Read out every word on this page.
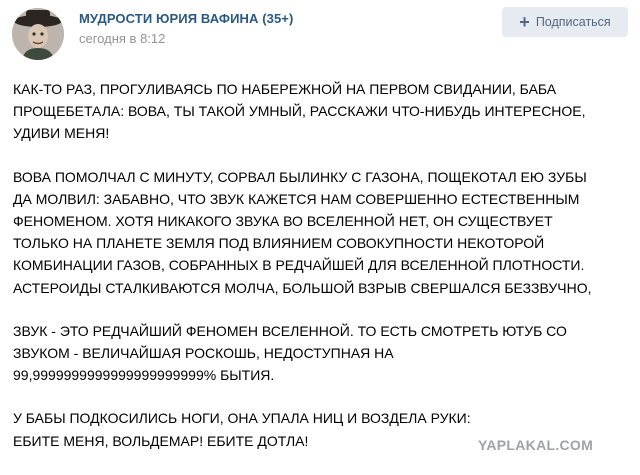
МУДРОСТИ ЮРИЯ ВАФИНА (35+)
сегодня в 8:12
+ Подписаться

КАК-ТО РАЗ, ПРОГУЛИВАЯСЬ ПО НАБЕРЕЖНОЙ НА ПЕРВОМ СВИДАНИИ, БАБА
ПРОЩЕБЕТАЛА: ВОВА, ТЫ ТАКОЙ УМНЫЙ, РАССКАЖИ ЧТО-НИБУДЬ ИНТЕРЕСНОЕ,
УДИВИ МЕНЯ!

ВОВА ПОМОЛЧАЛ С МИНУТУ, СОРВАЛ БЫЛИНКУ С ГАЗОНА, ПОЩЕКОТАЛ ЕЮ ЗУБЫ
ДА МОЛВИЛ: ЗАБАВНО, ЧТО ЗВУК КАЖЕТСЯ НАМ СОВЕРШЕННО ЕСТЕСТВЕННЫМ
ФЕНОМЕНОМ. ХОТЯ НИКАКОГО ЗВУКА ВО ВСЕЛЕННОЙ НЕТ, ОН СУЩЕСТВУЕТ
ТОЛЬКО НА ПЛАНЕТЕ ЗЕМЛЯ ПОД ВЛИЯНИЕМ СОВОКУПНОСТИ НЕКОТОРОЙ
КОМБИНАЦИИ ГАЗОВ, СОБРАННЫХ В РЕДЧАЙШЕЙ ДЛЯ ВСЕЛЕННОЙ ПЛОТНОСТИ.
АСТЕРОИДЫ СТАЛКИВАЮТСЯ МОЛЧА, БОЛЬШОЙ ВЗРЫВ СВЕРШАЛСЯ БЕЗЗВУЧНО,

ЗВУК - ЭТО РЕДЧАЙШИЙ ФЕНОМЕН ВСЕЛЕННОЙ. ТО ЕСТЬ СМОТРЕТЬ ЮТУБ СО
ЗВУКОМ - ВЕЛИЧАЙШАЯ РОСКОШЬ, НЕДОСТУПНАЯ НА
99,9999999999999999999999% БЫТИЯ.

У БАБЫ ПОДКОСИЛИСЬ НОГИ, ОНА УПАЛА НИЦ И ВОЗДЕЛА РУКИ:
ЕБИТЕ МЕНЯ, ВОЛЬДЕМАР! ЕБИТЕ ДОТЛА!	YAPLAKAL.COM
